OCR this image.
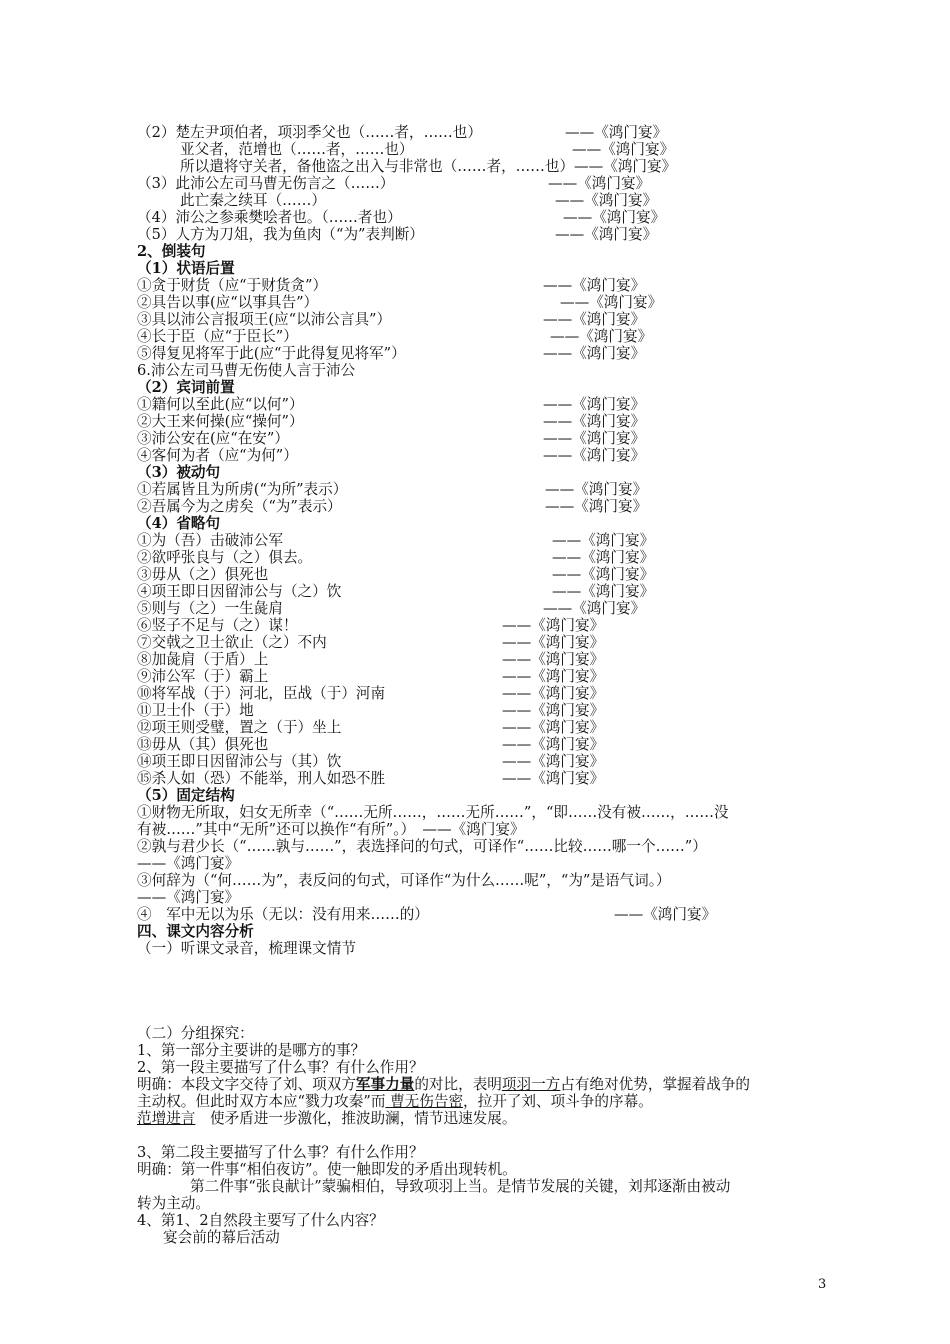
（2）楚左尹项伯者，项羽季父也（……者，……也）
亚父者，范增也（……者，……也）
所以遣将守关者，备他盗之出入与非常也（……者，……也）——《鸿门宴》
（3）此沛公左司马曹无伤言之（……）
此亡秦之续耳（……）
（4）沛公之参乘樊哙者也。（……者也）
（5）人方为刀俎，我为鱼肉（“为”表判断）
2、倒装句
（1）状语后置
①贪于财货（应“于财货贪”）
②具告以事(应“以事具告”）
③具以沛公言报项王(应“以沛公言具”）
④长于臣（应“于臣长”）
⑤得复见将军于此(应“于此得复见将军”）
6.沛公左司马曹无伤使人言于沛公
（2）宾词前置
①籍何以至此(应“以何”）
②大王来何操(应“操何”）
③沛公安在(应“在安”）
④客何为者（应“为何”）
（3）被动句
①若属皆且为所虏(“为所”表示）
②吾属今为之虏矣（“为”表示）
（4）省略句
①为（吾）击破沛公军
②欲呼张良与（之）俱去。
③毋从（之）俱死也
④项王即日因留沛公与（之）饮
⑤则与（之）一生彘肩
⑥竖子不足与（之）谋！
⑦交戟之卫士欲止（之）不内
⑧加彘肩（于盾）上
⑨沛公军（于）霸上
⑩将军战（于）河北，臣战（于）河南
⑪卫士仆（于）地
⑫项王则受璧，置之（于）坐上
⑬毋从（其）俱死也
⑭项王即日因留沛公与（其）饮
⑮杀人如（恐）不能举，刑人如恐不胜
（5）固定结构
①财物无所取，妇女无所幸（“……无所……，……无所……”，“即……没有被……，……没
有被……”其中“无所”还可以换作“有所”。）　——《鸿门宴》
②孰与君少长（“……孰与……”，表选择问的句式，可译作“……比较……哪一个……”）
——《鸿门宴》
③何辞为（“何……为”，表反问的句式，可译作“为什么……呢”，“为”是语气词。）
——《鸿门宴》
④　军中无以为乐（无以：没有用来……的）
四、课文内容分析
（一）听课文录音，梳理课文情节
（二）分组探究：
1、第一部分主要讲的是哪方的事？
2、第一段主要描写了什么事？有什么作用？
3、第二段主要描写了什么事？有什么作用？
明确：第一件事“相伯夜访”。使一触即发的矛盾出现转机。
第二件事“张良献计”蒙骗相伯，导致项羽上当。是情节发展的关键，刘邦逐渐由被动
转为主动。
4、第1、2自然段主要写了什么内容？
宴会前的幕后活动
——《鸿门宴》
——《鸿门宴》
——《鸿门宴》
——《鸿门宴》
——《鸿门宴》
——《鸿门宴》
——《鸿门宴》
——《鸿门宴》
——《鸿门宴》
——《鸿门宴》
——《鸿门宴》
——《鸿门宴》
——《鸿门宴》
——《鸿门宴》
——《鸿门宴》
——《鸿门宴》
——《鸿门宴》
——《鸿门宴》
——《鸿门宴》
——《鸿门宴》
——《鸿门宴》
——《鸿门宴》
——《鸿门宴》
——《鸿门宴》
——《鸿门宴》
——《鸿门宴》
——《鸿门宴》
——《鸿门宴》
——《鸿门宴》
——《鸿门宴》
——《鸿门宴》
——《鸿门宴》
——《鸿门宴》
明确：本段文字交待了刘、项双方军事力量的对比，表明项羽一方占有绝对优势，掌握着战争的
主动权。但此时双方本应“戮力攻秦”而 曹无伤告密，拉开了刘、项斗争的序幕。
范增进言　使矛盾进一步激化，推波助澜，情节迅速发展。
3
